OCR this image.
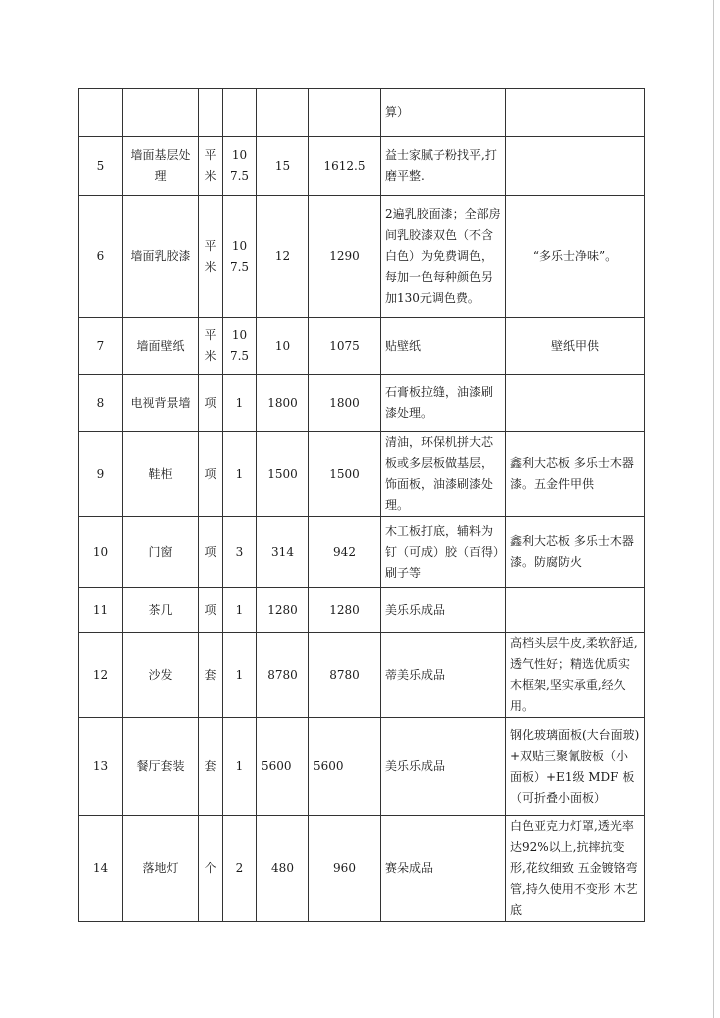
						算）	
5	墙面基层处理	平米	107.5	15	1612.5	益士家腻子粉找平,打磨平整.	
6	墙面乳胶漆	平米	107.5	12	1290	2遍乳胶面漆；全部房间乳胶漆双色（不含白色）为免费调色，每加一色每种颜色另加130元调色费。	“多乐士净味”。
7	墙面壁纸	平米	107.5	10	1075	贴壁纸	壁纸甲供
8	电视背景墙	项	1	1800	1800	石膏板拉缝，油漆刷漆处理。	
9	鞋柜	项	1	1500	1500	清油，环保机拼大芯板或多层板做基层，饰面板，油漆刷漆处理。	鑫利大芯板 多乐士木器漆。五金件甲供
10	门窗	项	3	314	942	木工板打底，辅料为钉（可成）胶（百得）刷子等	鑫利大芯板 多乐士木器漆。防腐防火
11	茶几	项	1	1280	1280	美乐乐成品	
12	沙发	套	1	8780	8780	蒂美乐成品	高档头层牛皮,柔软舒适,透气性好；精选优质实木框架,坚实承重,经久用。
13	餐厅套装	套	1	5600	5600	美乐乐成品	钢化玻璃面板(大台面玻)+双贴三聚氰胺板（小面板）+E1级 MDF 板（可折叠小面板）
14	落地灯	个	2	480	960	赛朵成品	白色亚克力灯罩,透光率达92%以上,抗摔抗变形,花纹细致 五金镀铬弯管,持久使用不变形 木艺底
